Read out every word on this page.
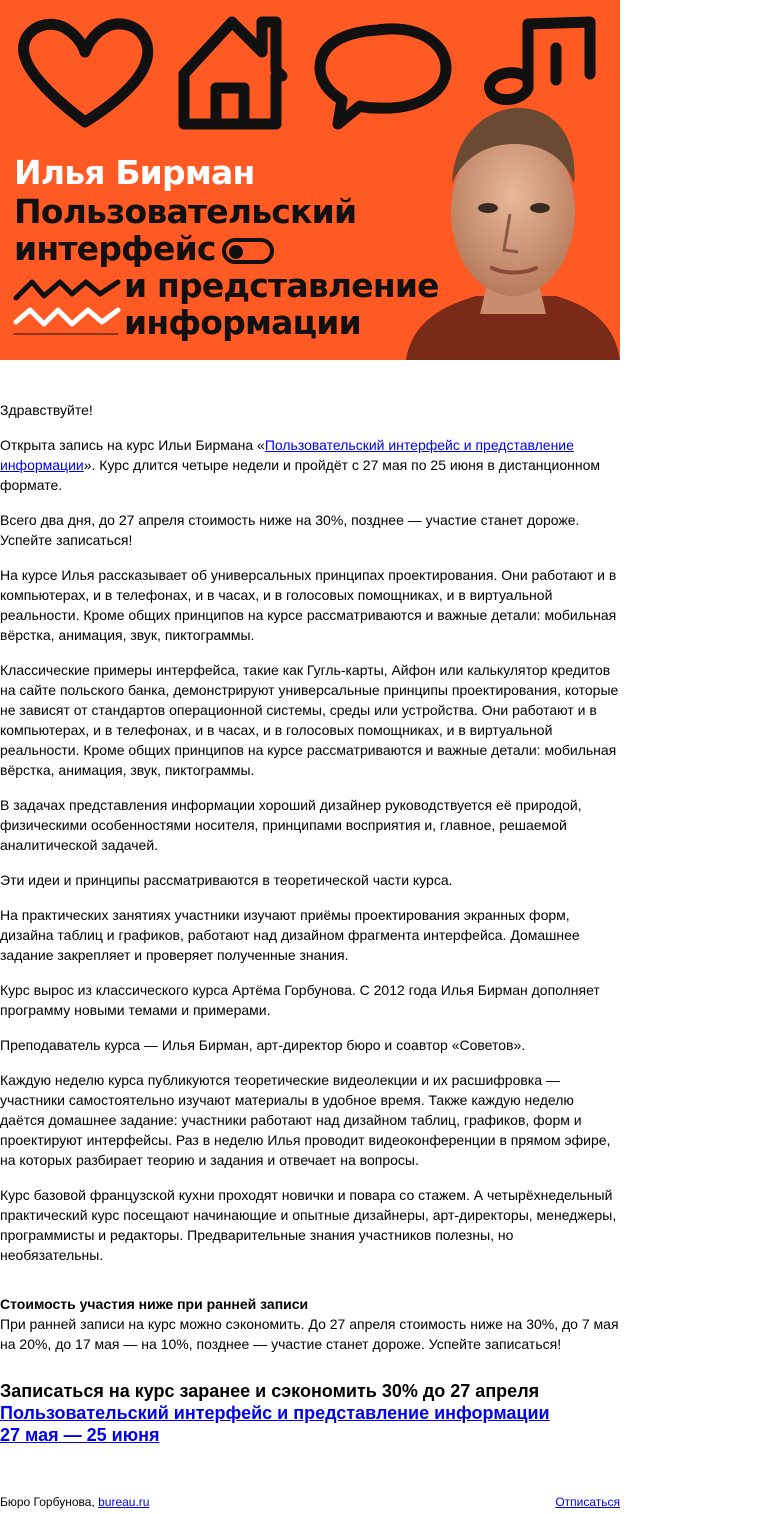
Илья Бирман
Пользовательский
интерфейс
и представление
информации

Здравствуйте!

Открыта запись на курс Ильи Бирмана «Пользовательский интерфейс и представление информации». Курс длится четыре недели и пройдёт с 27 мая по 25 июня в дистанционном формате.

Всего два дня, до 27 апреля стоимость ниже на 30%, позднее — участие станет дороже. Успейте записаться!

На курсе Илья рассказывает об универсальных принципах проектирования. Они работают и в компьютерах, и в телефонах, и в часах, и в голосовых помощниках, и в виртуальной реальности. Кроме общих принципов на курсе рассматриваются и важные детали: мобильная вёрстка, анимация, звук, пиктограммы.

Классические примеры интерфейса, такие как Гугль-карты, Айфон или калькулятор кредитов на сайте польского банка, демонстрируют универсальные принципы проектирования, которые не зависят от стандартов операционной системы, среды или устройства. Они работают и в компьютерах, и в телефонах, и в часах, и в голосовых помощниках, и в виртуальной реальности. Кроме общих принципов на курсе рассматриваются и важные детали: мобильная вёрстка, анимация, звук, пиктограммы.

В задачах представления информации хороший дизайнер руководствуется её природой, физическими особенностями носителя, принципами восприятия и, главное, решаемой аналитической задачей.

Эти идеи и принципы рассматриваются в теоретической части курса.

На практических занятиях участники изучают приёмы проектирования экранных форм, дизайна таблиц и графиков, работают над дизайном фрагмента интерфейса. Домашнее задание закрепляет и проверяет полученные знания.

Курс вырос из классического курса Артёма Горбунова. С 2012 года Илья Бирман дополняет программу новыми темами и примерами.

Преподаватель курса — Илья Бирман, арт-директор бюро и соавтор «Советов».

Каждую неделю курса публикуются теоретические видеолекции и их расшифровка — участники самостоятельно изучают материалы в удобное время. Также каждую неделю даётся домашнее задание: участники работают над дизайном таблиц, графиков, форм и проектируют интерфейсы. Раз в неделю Илья проводит видеоконференции в прямом эфире, на которых разбирает теорию и задания и отвечает на вопросы.

Курс базовой французской кухни проходят новички и повара со стажем. А четырёхнедельный практический курс посещают начинающие и опытные дизайнеры, арт-директоры, менеджеры, программисты и редакторы. Предварительные знания участников полезны, но необязательны.

Стоимость участия ниже при ранней записи

При ранней записи на курс можно сэкономить. До 27 апреля стоимость ниже на 30%, до 7 мая на 20%, до 17 мая — на 10%, позднее — участие станет дороже. Успейте записаться!

Записаться на курс заранее и сэкономить 30% до 27 апреля
Пользовательский интерфейс и представление информации
27 мая — 25 июня
Бюро Горбунова, bureau.ru	Отписаться
